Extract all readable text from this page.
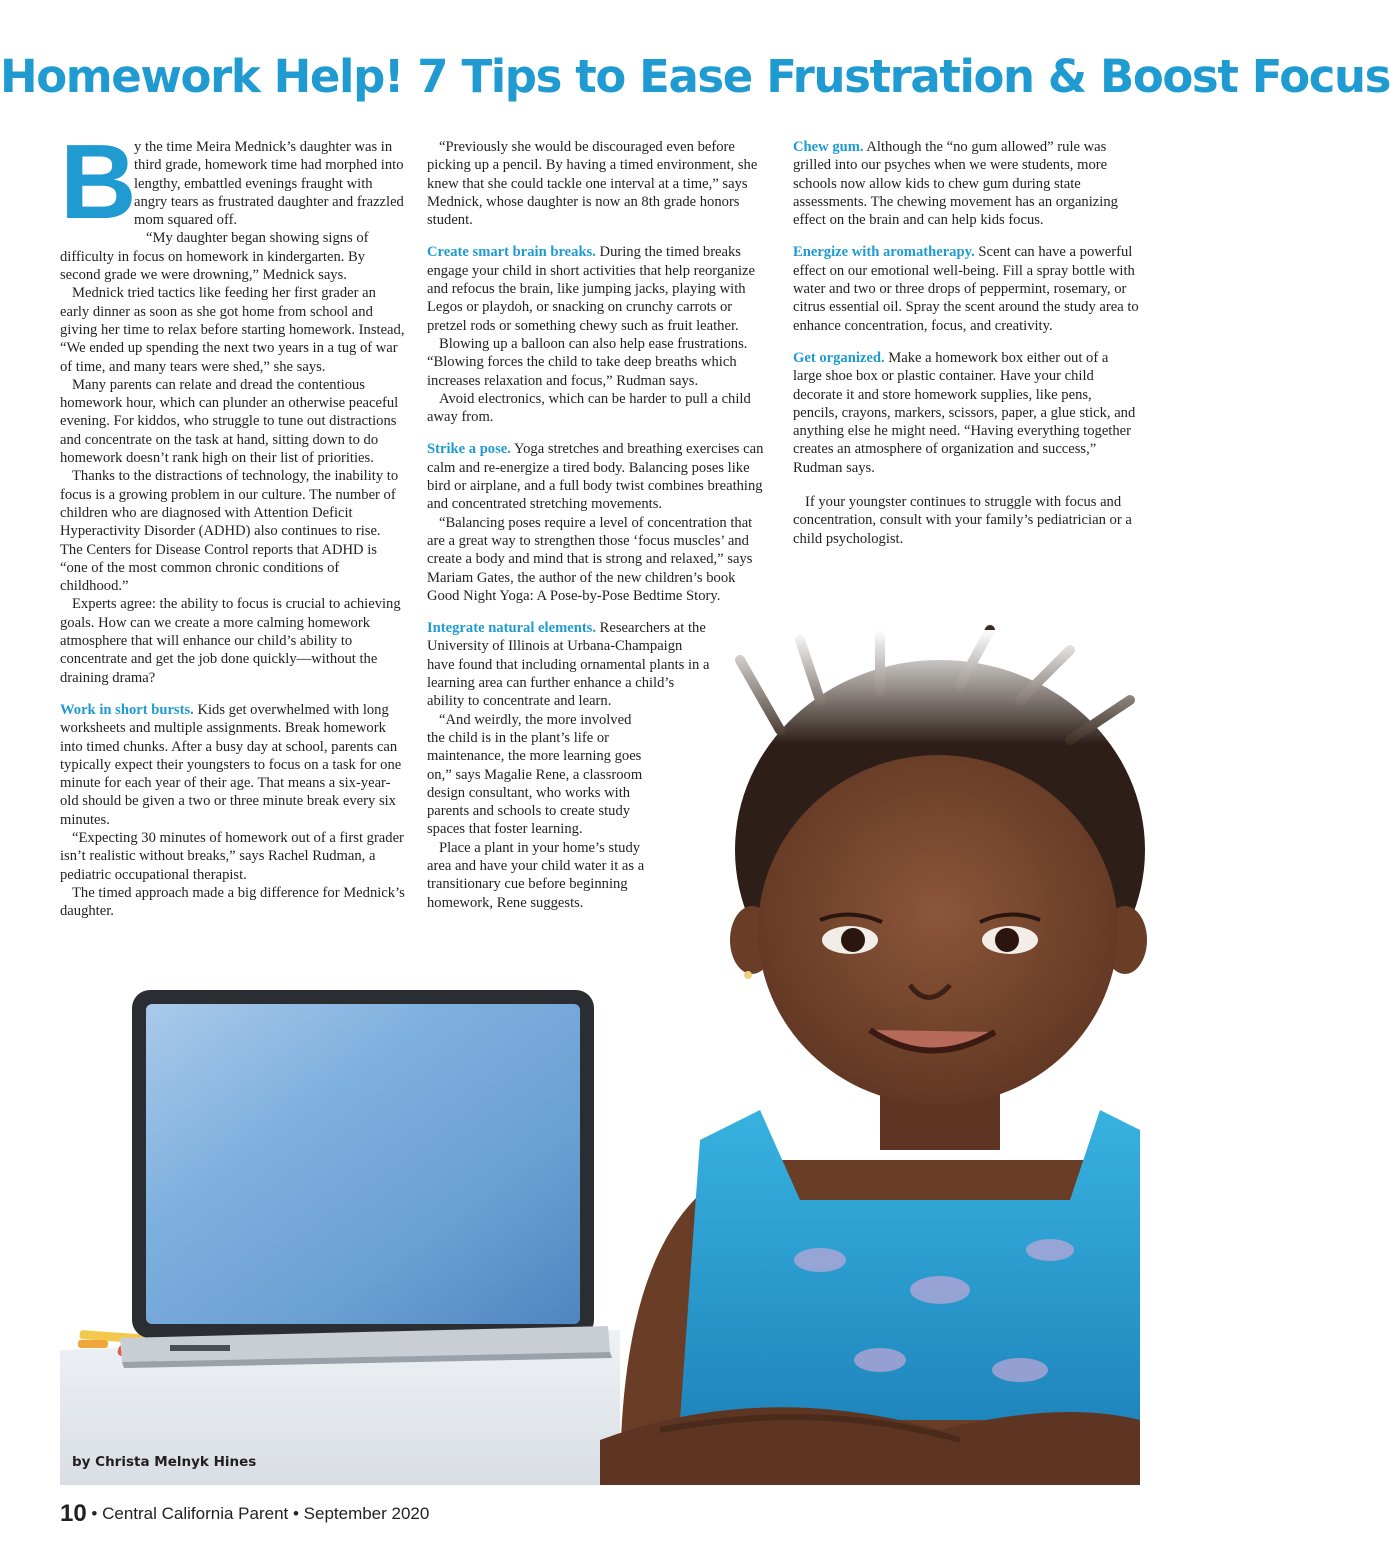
Homework Help! 7 Tips to Ease Frustration & Boost Focus
B

y the time Meira Mednick’s daughter was in third grade, homework time had morphed into lengthy, embattled evenings fraught with angry tears as frustrated daughter and frazzled mom squared off.

“My daughter began showing signs of difficulty in focus on homework in kindergarten. By second grade we were drowning,” Mednick says.

Mednick tried tactics like feeding her first grader an early dinner as soon as she got home from school and giving her time to relax before starting homework. Instead, “We ended up spending the next two years in a tug of war of time, and many tears were shed,” she says.

Many parents can relate and dread the contentious homework hour, which can plunder an otherwise peaceful evening. For kiddos, who struggle to tune out distractions and concentrate on the task at hand, sitting down to do homework doesn’t rank high on their list of priorities.

Thanks to the distractions of technology, the inability to focus is a growing problem in our culture. The number of children who are diagnosed with Attention Deficit Hyperactivity Disorder (ADHD) also continues to rise. The Centers for Disease Control reports that ADHD is “one of the most common chronic conditions of childhood.”

Experts agree: the ability to focus is crucial to achieving goals. How can we create a more calming homework atmosphere that will enhance our child’s ability to concentrate and get the job done quickly—without the draining drama?

Work in short bursts. Kids get overwhelmed with long worksheets and multiple assignments. Break homework into timed chunks. After a busy day at school, parents can typically expect their youngsters to focus on a task for one minute for each year of their age. That means a six-year-old should be given a two or three minute break every six minutes.

“Expecting 30 minutes of homework out of a first grader isn’t realistic without breaks,” says Rachel Rudman, a pediatric occupational therapist.

The timed approach made a big difference for Mednick’s daughter.

“Previously she would be discouraged even before picking up a pencil. By having a timed environment, she knew that she could tackle one interval at a time,” says Mednick, whose daughter is now an 8th grade honors student.

Create smart brain breaks. During the timed breaks engage your child in short activities that help reorganize and refocus the brain, like jumping jacks, playing with Legos or playdoh, or snacking on crunchy carrots or pretzel rods or something chewy such as fruit leather.

Blowing up a balloon can also help ease frustrations. “Blowing forces the child to take deep breaths which increases relaxation and focus,” Rudman says.

Avoid electronics, which can be harder to pull a child away from.

Strike a pose. Yoga stretches and breathing exercises can calm and re-energize a tired body. Balancing poses like bird or airplane, and a full body twist combines breathing and concentrated stretching movements.

“Balancing poses require a level of concentration that are a great way to strengthen those ‘focus muscles’ and create a body and mind that is strong and relaxed,” says Mariam Gates, the author of the new children’s book Good Night Yoga: A Pose-by-Pose Bedtime Story.

Integrate natural elements. Researchers at the University of Illinois at Urbana-Champaign have found that including ornamental plants in a learning area can further enhance a child’s ability to concentrate and learn.

“And weirdly, the more involved the child is in the plant’s life or maintenance, the more learning goes on,” says Magalie Rene, a classroom design consultant, who works with parents and schools to create study spaces that foster learning.

Place a plant in your home’s study area and have your child water it as a transitionary cue before beginning homework, Rene suggests.

Chew gum. Although the “no gum allowed” rule was grilled into our psyches when we were students, more schools now allow kids to chew gum during state assessments. The chewing movement has an organizing effect on the brain and can help kids focus.

Energize with aromatherapy. Scent can have a powerful effect on our emotional well-being. Fill a spray bottle with water and two or three drops of peppermint, rosemary, or citrus essential oil. Spray the scent around the study area to enhance concentration, focus, and creativity.

Get organized. Make a homework box either out of a large shoe box or plastic container. Have your child decorate it and store homework supplies, like pens, pencils, crayons, markers, scissors, paper, a glue stick, and anything else he might need. “Having everything together creates an atmosphere of organization and success,” Rudman says.

If your youngster continues to struggle with focus and concentration, consult with your family’s pediatrician or a child psychologist.

by Christa Melnyk Hines
10 • Central California Parent • September 2020
